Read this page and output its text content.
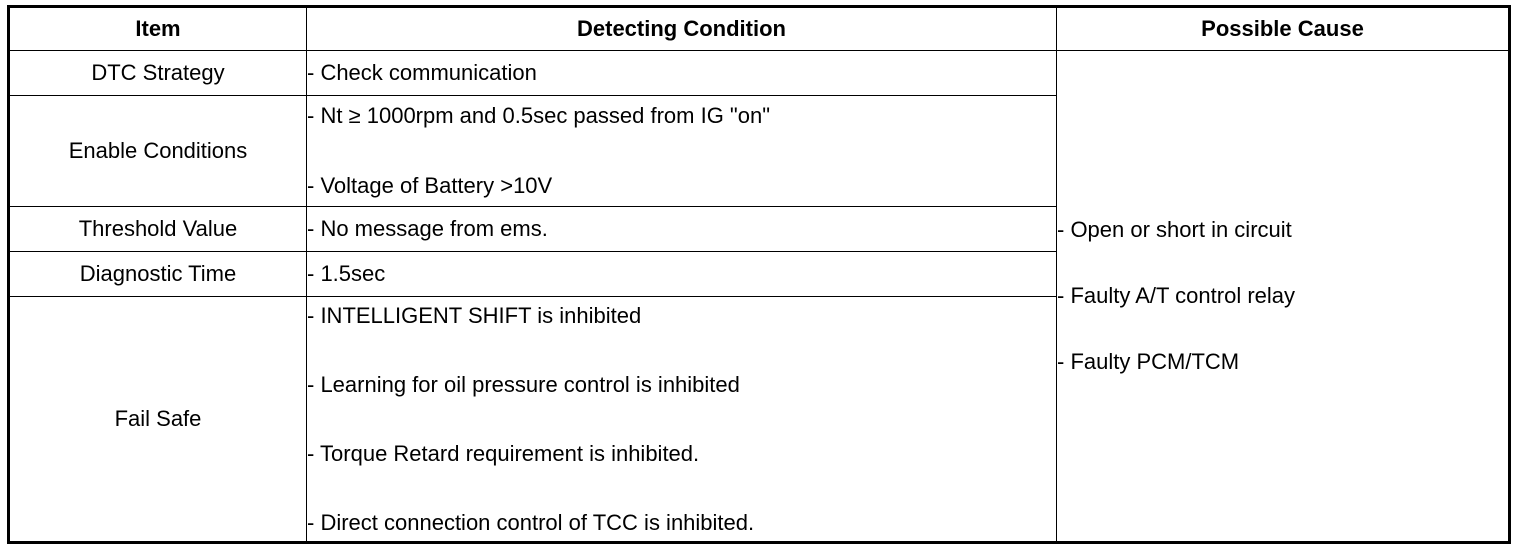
Item	Detecting Condition	Possible Cause
DTC Strategy	- Check communication	- Open or short in circuit
- Faulty A/T control relay
- Faulty PCM/TCM

Enable Conditions	- Nt ≥ 1000rpm and 0.5sec passed from IG "on"
- Voltage of Battery >10V	

Threshold Value	- No message from ems.	

Diagnostic Time	- 1.5sec	

Fail Safe	- INTELLIGENT SHIFT is inhibited
- Learning for oil pressure control is inhibited
- Torque Retard requirement is inhibited.
- Direct connection control of TCC is inhibited.	
